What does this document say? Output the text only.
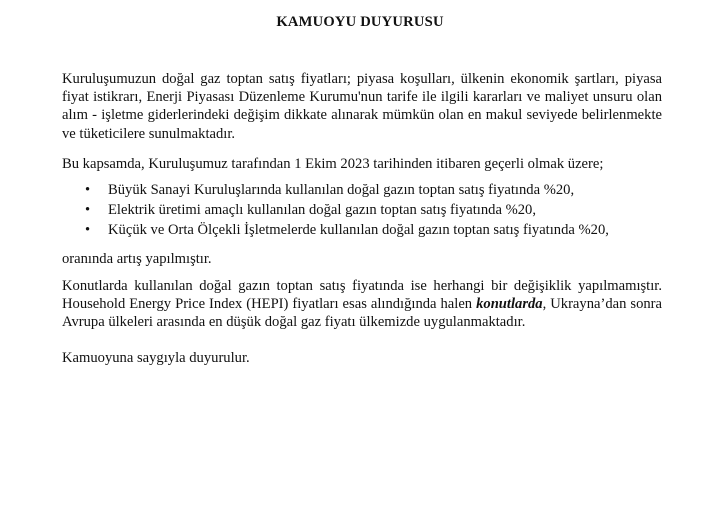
KAMUOYU DUYURUSU

Kuruluşumuzun doğal gaz toptan satış fiyatları; piyasa koşulları, ülkenin ekonomik şartları, piyasa fiyat istikrarı, Enerji Piyasası Düzenleme Kurumu'nun tarife ile ilgili kararları ve maliyet unsuru olan alım - işletme giderlerindeki değişim dikkate alınarak mümkün olan en makul seviyede belirlenmekte ve tüketicilere sunulmaktadır.

Bu kapsamda, Kuruluşumuz tarafından 1 Ekim 2023 tarihinden itibaren geçerli olmak üzere;

• Büyük Sanayi Kuruluşlarında kullanılan doğal gazın toptan satış fiyatında %20,
• Elektrik üretimi amaçlı kullanılan doğal gazın toptan satış fiyatında %20,
• Küçük ve Orta Ölçekli İşletmelerde kullanılan doğal gazın toptan satış fiyatında %20,

oranında artış yapılmıştır.

Konutlarda kullanılan doğal gazın toptan satış fiyatında ise herhangi bir değişiklik yapılmamıştır. Household Energy Price Index (HEPI) fiyatları esas alındığında halen konutlarda, Ukrayna’dan sonra Avrupa ülkeleri arasında en düşük doğal gaz fiyatı ülkemizde uygulanmaktadır.

Kamuoyuna saygıyla duyurulur.
